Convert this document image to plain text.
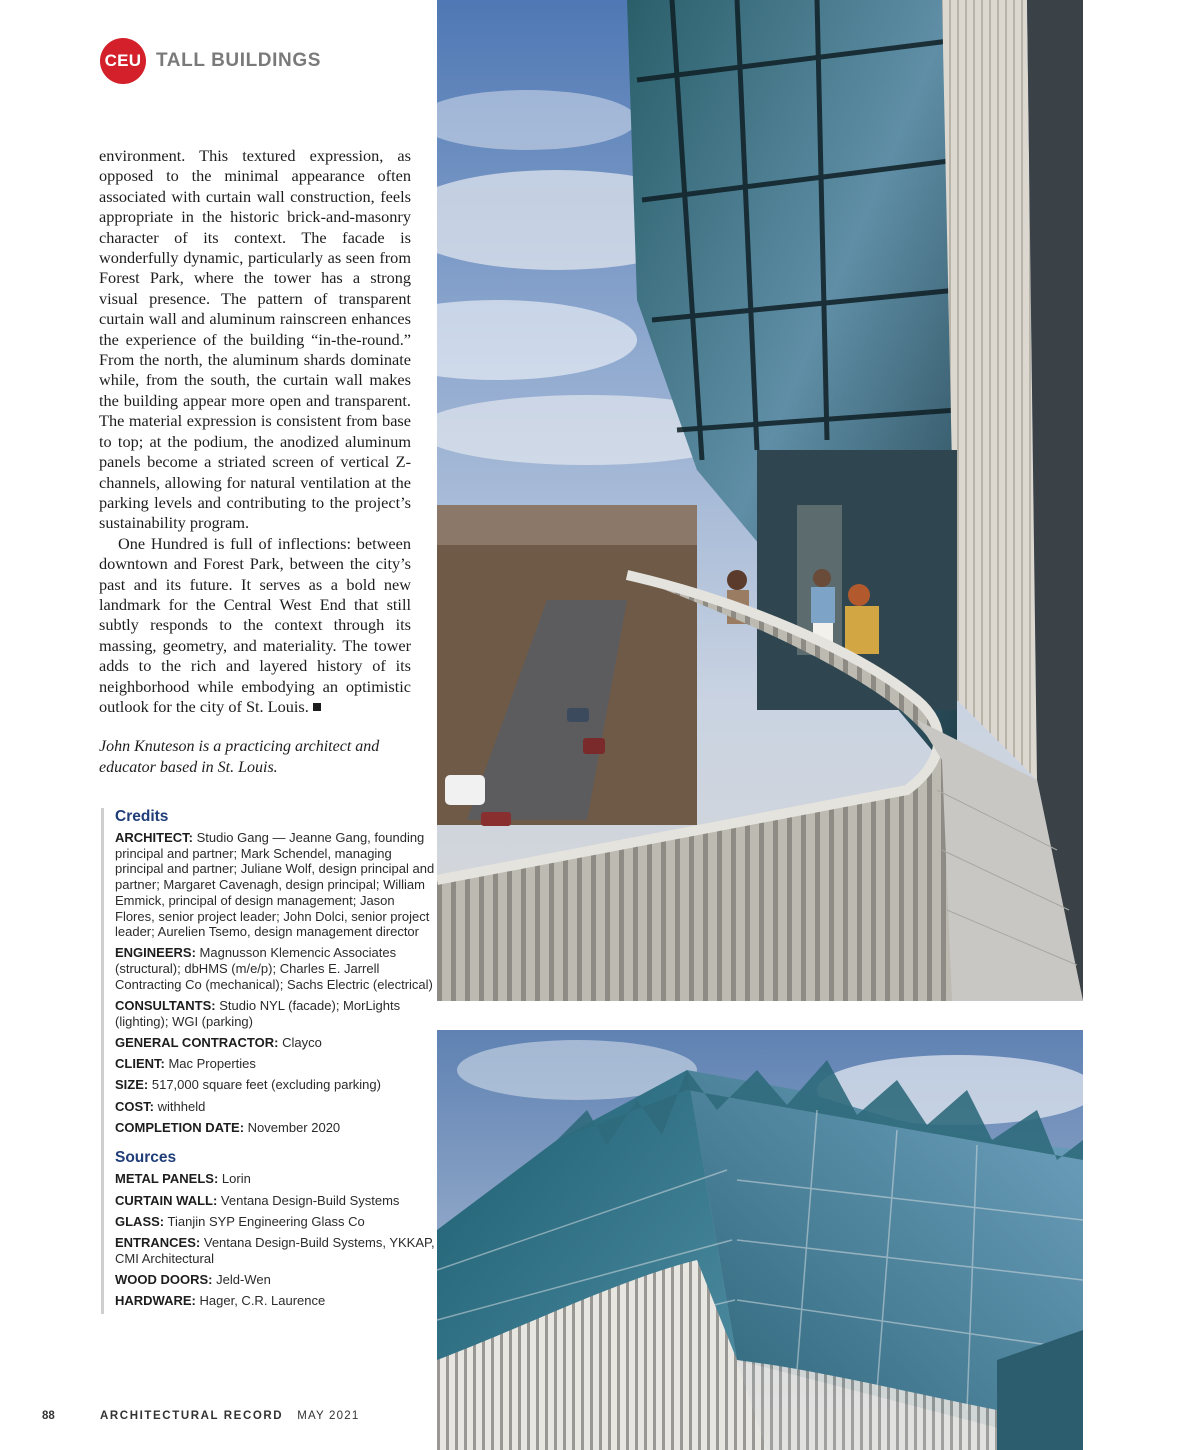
CEU TALL BUILDINGS

environment. This textured expression, as opposed to the minimal appearance often associated with curtain wall construction, feels appropriate in the historic brick-and-masonry character of its context. The facade is wonderfully dynamic, particularly as seen from Forest Park, where the tower has a strong visual presence. The pattern of transparent curtain wall and aluminum rainscreen enhances the experience of the building “in-the-round.” From the north, the aluminum shards dominate while, from the south, the curtain wall makes the building appear more open and transparent. The material expression is consistent from base to top; at the podium, the anodized aluminum panels become a striated screen of vertical Z-channels, allowing for natural ventilation at the parking levels and contributing to the project’s sustainability program.

One Hundred is full of inflections: between downtown and Forest Park, between the city’s past and its future. It serves as a bold new landmark for the Central West End that still subtly responds to the context through its massing, geometry, and materiality. The tower adds to the rich and layered history of its neighborhood while embodying an optimistic outlook for the city of St. Louis.

John Knuteson is a practicing architect and educator based in St. Louis.
Credits
ARCHITECT: Studio Gang — Jeanne Gang, founding principal and partner; Mark Schendel, managing principal and partner; Juliane Wolf, design principal and partner; Margaret Cavenagh, design principal; William Emmick, principal of design management; Jason Flores, senior project leader; John Dolci, senior project leader; Aurelien Tsemo, design management director
ENGINEERS: Magnusson Klemencic Associates (structural); dbHMS (m/e/p); Charles E. Jarrell Contracting Co (mechanical); Sachs Electric (electrical)
CONSULTANTS: Studio NYL (facade); MorLights (lighting); WGI (parking)
GENERAL CONTRACTOR: Clayco
CLIENT: Mac Properties
SIZE: 517,000 square feet (excluding parking)
COST: withheld
COMPLETION DATE: November 2020
Sources
METAL PANELS: Lorin
CURTAIN WALL: Ventana Design-Build Systems
GLASS: Tianjin SYP Engineering Glass Co
ENTRANCES: Ventana Design-Build Systems, YKKAP, CMI Architectural
WOOD DOORS: Jeld-Wen
HARDWARE: Hager, C.R. Laurence
88	ARCHITECTURAL RECORD MAY 2021
